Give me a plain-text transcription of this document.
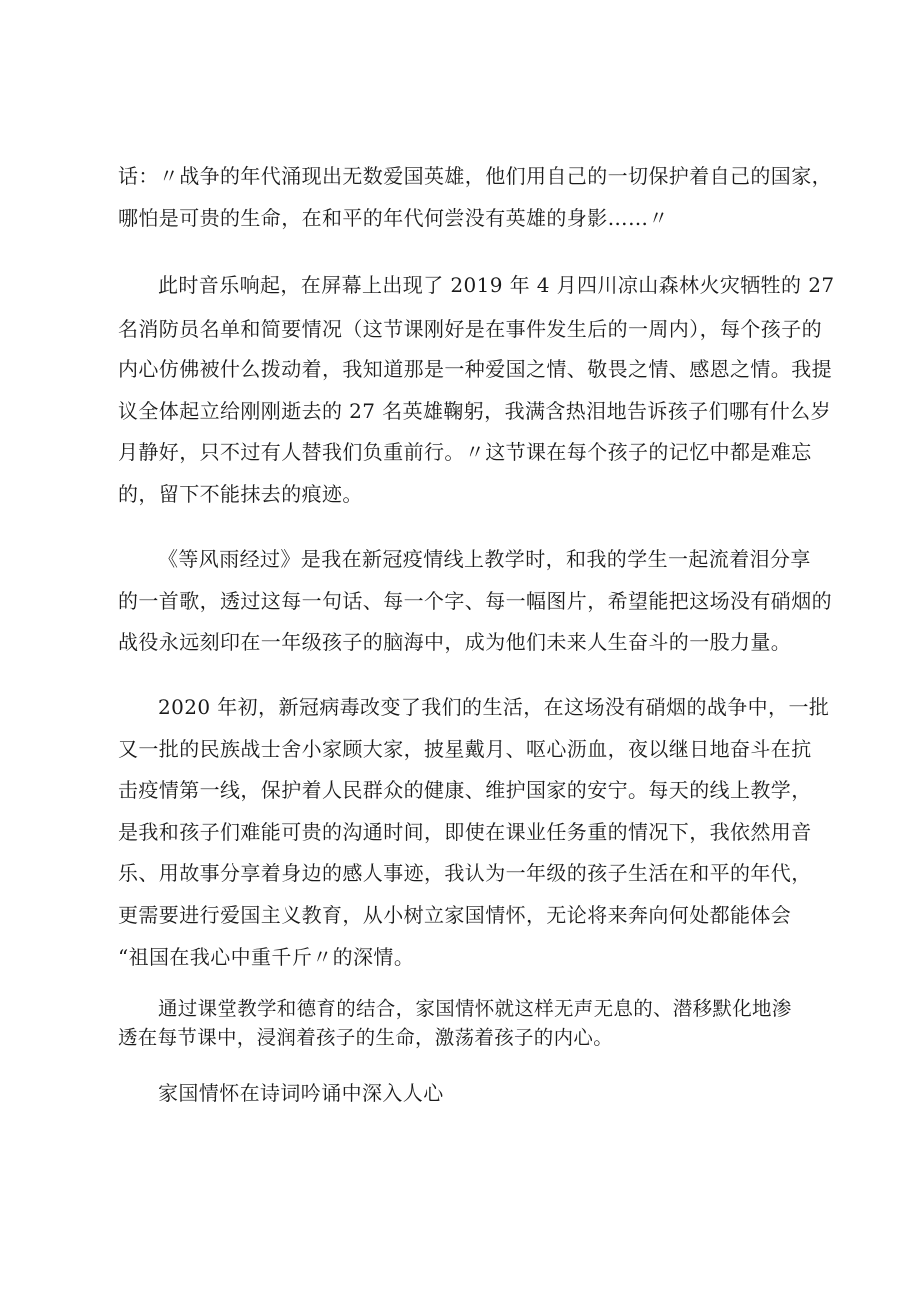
话：〃战争的年代涌现出无数爱国英雄，他们用自己的一切保护着自己的国家，
哪怕是可贵的生命，在和平的年代何尝没有英雄的身影……〃
此时音乐响起，在屏幕上出现了 2019 年 4 月四川凉山森林火灾牺牲的 27
名消防员名单和简要情况（这节课刚好是在事件发生后的一周内），每个孩子的
内心仿佛被什么拨动着，我知道那是一种爱国之情、敬畏之情、感恩之情。我提
议全体起立给刚刚逝去的 27 名英雄鞠躬，我满含热泪地告诉孩子们哪有什么岁
月静好，只不过有人替我们负重前行。〃这节课在每个孩子的记忆中都是难忘
的，留下不能抹去的痕迹。
《等风雨经过》是我在新冠疫情线上教学时，和我的学生一起流着泪分享
的一首歌，透过这每一句话、每一个字、每一幅图片，希望能把这场没有硝烟的
战役永远刻印在一年级孩子的脑海中，成为他们未来人生奋斗的一股力量。
2020 年初，新冠病毒改变了我们的生活，在这场没有硝烟的战争中，一批
又一批的民族战士舍小家顾大家，披星戴月、呕心沥血，夜以继日地奋斗在抗
击疫情第一线，保护着人民群众的健康、维护国家的安宁。每天的线上教学，
是我和孩子们难能可贵的沟通时间，即使在课业任务重的情况下，我依然用音
乐、用故事分享着身边的感人事迹，我认为一年级的孩子生活在和平的年代，
更需要进行爱国主义教育，从小树立家国情怀，无论将来奔向何处都能体会
“祖国在我心中重千斤〃的深情。
通过课堂教学和德育的结合，家国情怀就这样无声无息的、潜移默化地渗
透在每节课中，浸润着孩子的生命，激荡着孩子的内心。
家国情怀在诗词吟诵中深入人心
